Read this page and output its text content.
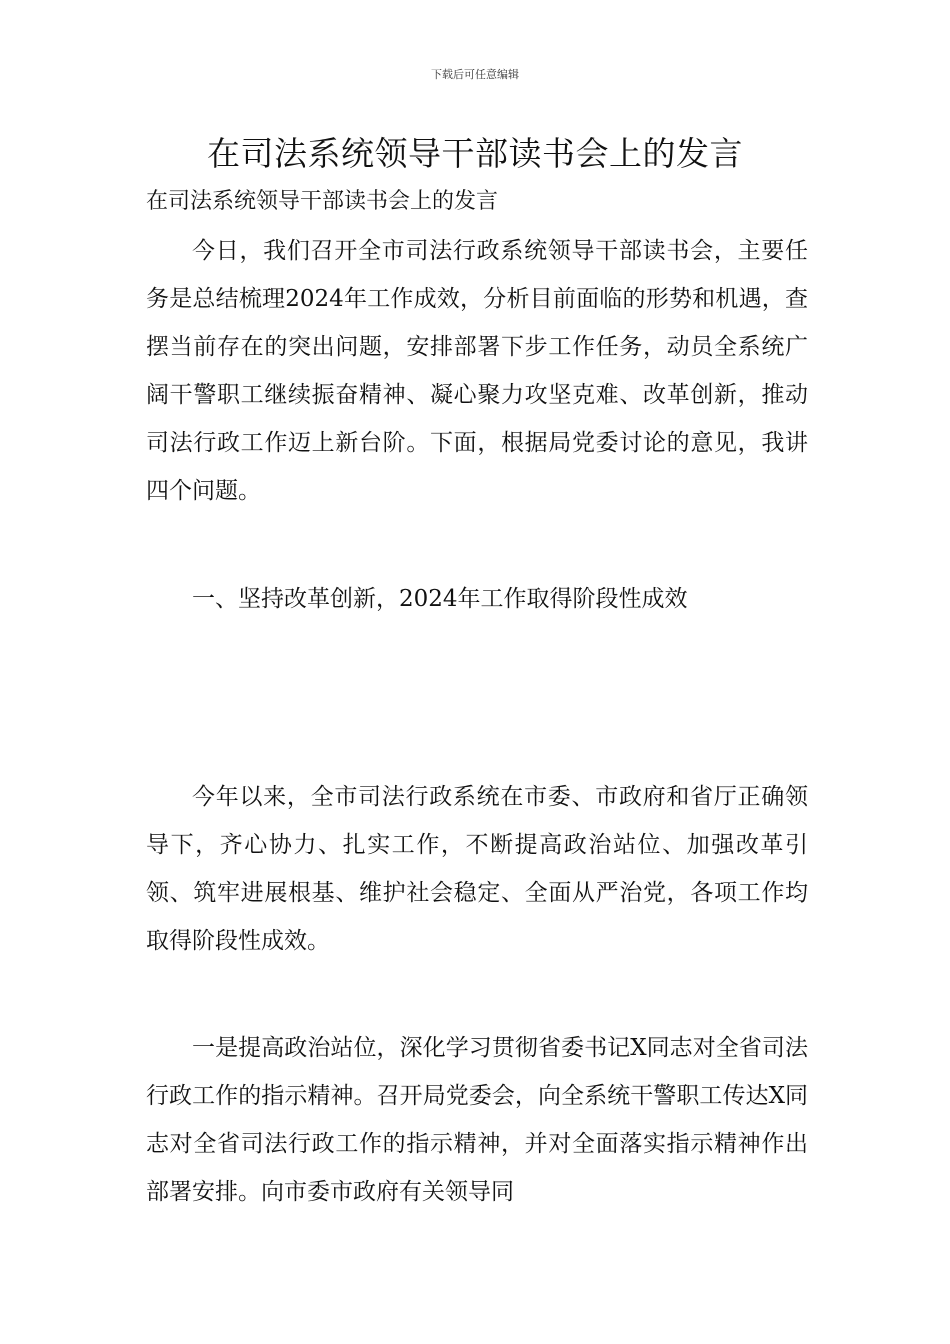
下载后可任意编辑
在司法系统领导干部读书会上的发言
在司法系统领导干部读书会上的发言

今日，我们召开全市司法行政系统领导干部读书会，主要任务是总结梳理2024年工作成效，分析目前面临的形势和机遇，查摆当前存在的突出问题，安排部署下步工作任务，动员全系统广阔干警职工继续振奋精神、凝心聚力攻坚克难、改革创新，推动司法行政工作迈上新台阶。下面，根据局党委讨论的意见，我讲四个问题。

一、坚持改革创新，2024年工作取得阶段性成效

今年以来，全市司法行政系统在市委、市政府和省厅正确领导下，齐心协力、扎实工作，不断提高政治站位、加强改革引领、筑牢进展根基、维护社会稳定、全面从严治党，各项工作均取得阶段性成效。

一是提高政治站位，深化学习贯彻省委书记X同志对全省司法行政工作的指示精神。召开局党委会，向全系统干警职工传达X同志对全省司法行政工作的指示精神，并对全面落实指示精神作出部署安排。向市委市政府有关领导同
